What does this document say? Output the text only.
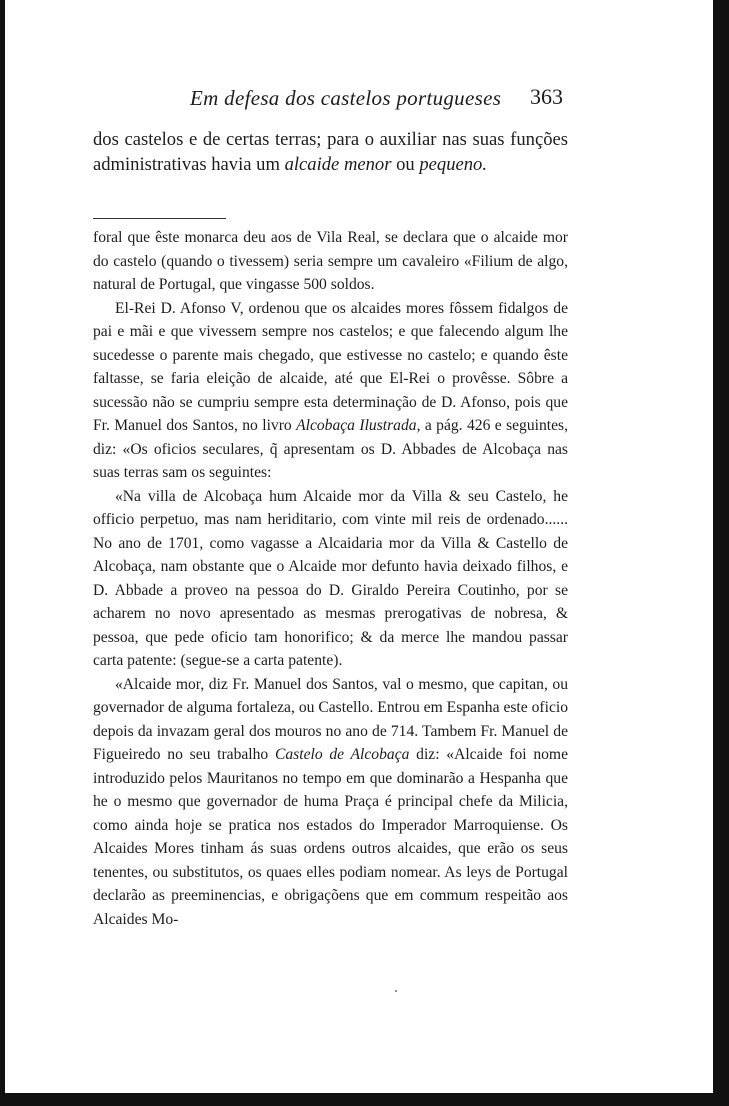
Em defesa dos castelos portugueses 363

dos castelos e de certas terras; para o auxiliar nas suas funções administrativas havia um alcaide menor ou pequeno.

foral que êste monarca deu aos de Vila Real, se declara que o alcaide mor do castelo (quando o tivessem) seria sempre um cavaleiro «Filium de algo, natural de Portugal, que vingasse 500 soldos.

El-Rei D. Afonso V, ordenou que os alcaides mores fôssem fidalgos de pai e mãi e que vivessem sempre nos castelos; e que falecendo algum lhe sucedesse o parente mais chegado, que estivesse no castelo; e quando êste faltasse, se faria eleição de alcaide, até que El-Rei o provêsse. Sôbre a sucessão não se cumpriu sempre esta determinação de D. Afonso, pois que Fr. Manuel dos Santos, no livro Alcobaça Ilustrada, a pág. 426 e seguintes, diz: «Os oficios seculares, q̃ apresentam os D. Abbades de Alcobaça nas suas terras sam os seguintes:

«Na villa de Alcobaça hum Alcaide mor da Villa & seu Castelo, he officio perpetuo, mas nam heriditario, com vinte mil reis de ordenado...... No ano de 1701, como vagasse a Alcaidaria mor da Villa & Castello de Alcobaça, nam obstante que o Alcaide mor defunto havia deixado filhos, e D. Abbade a proveo na pessoa do D. Giraldo Pereira Coutinho, por se acharem no novo apresentado as mesmas prerogativas de nobresa, & pessoa, que pede oficio tam honorifico; & da merce lhe mandou passar carta patente: (segue-se a carta patente).

«Alcaide mor, diz Fr. Manuel dos Santos, val o mesmo, que capitan, ou governador de alguma fortaleza, ou Castello. Entrou em Espanha este oficio depois da invazam geral dos mouros no ano de 714. Tambem Fr. Manuel de Figueiredo no seu trabalho Castelo de Alcobaça diz: «Alcaide foi nome introduzido pelos Mauritanos no tempo em que dominarão a Hespanha que he o mesmo que governador de huma Praça é principal chefe da Milicia, como ainda hoje se pratica nos estados do Imperador Marroquiense. Os Alcaides Mores tinham ás suas ordens outros alcaides, que erão os seus tenentes, ou substitutos, os quaes elles podiam nomear. As leys de Portugal declarão as preeminencias, e obrigaçõens que em commum respeitão aos Alcaides Mo-
